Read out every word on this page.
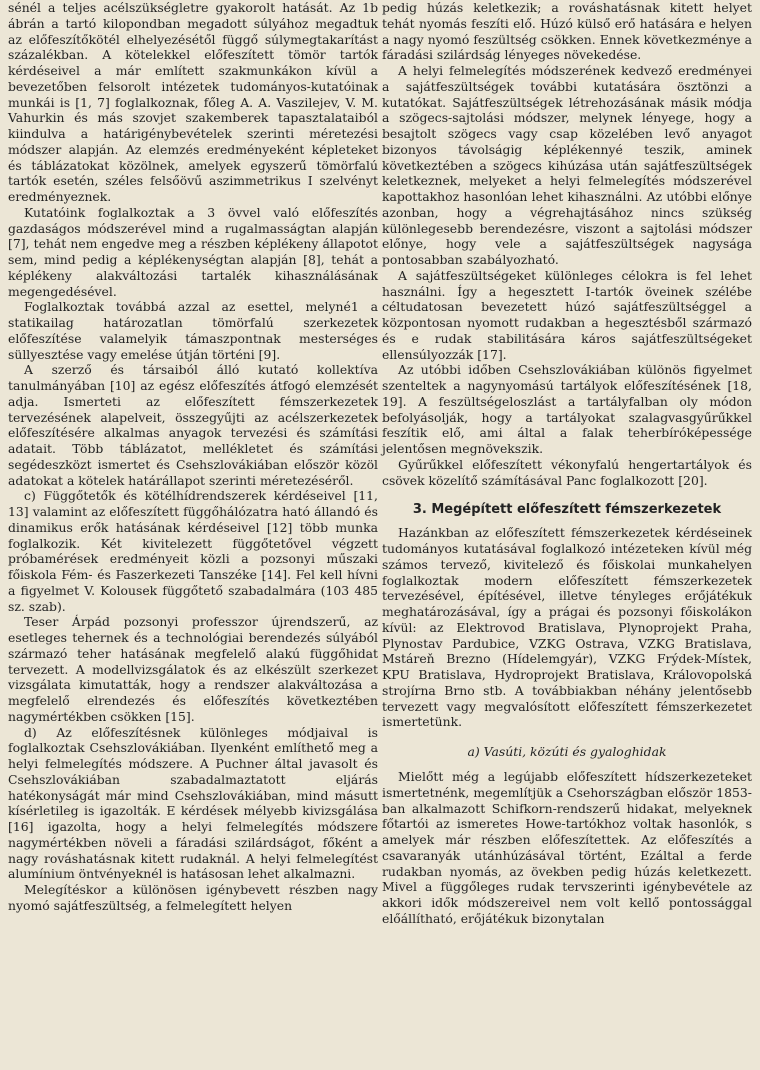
sénél a teljes acélszükségletre gyakorolt hatását. Az 1b ábrán a tartó kilopondban megadott súlyához megadtuk az előfeszítőkötél elhelyezésétől függő súlymegtakarítást százalékban. A kötelekkel előfeszített tömör tartók kérdéseivel a már említett szakmunkákon kívül a bevezetőben felsorolt intézetek tudományos-kutatóinak munkái is [1, 7] foglalkoznak, főleg A. A. Vaszilejev, V. M. Vahurkin és más szovjet szakemberek tapasztalataiból kiindulva a határigénybevételek szerinti méretezési módszer alapján. Az elemzés eredményeként képleteket és táblázatokat közölnek, amelyek egyszerű tömörfalú tartók esetén, széles felsőövű aszimmetrikus I szelvényt eredményeznek.

Kutatóink foglalkoztak a 3 övvel való előfeszítés gazdaságos módszerével mind a rugalmasságtan alapján [7], tehát nem engedve meg a részben képlékeny állapotot sem, mind pedig a képlékenységtan alapján [8], tehát a képlékeny alakváltozási tartalék kihasználásának megengedésével.

Foglalkoztak továbbá azzal az esettel, melyné1 a statikailag határozatlan tömörfalú szerkezetek előfeszítése valamelyik támaszpontnak mesterséges süllyesztése vagy emelése útján történi [9].

A szerző és társaiból álló kutató kollektíva tanulmányában [10] az egész előfeszítés átfogó elemzését adja. Ismerteti az előfeszített fémszerkezetek tervezésének alapelveit, összegyűjti az acélszerkezetek előfeszítésére alkalmas anyagok tervezési és számítási adatait. Több táblázatot, mellékletet és számítási segédeszközt ismertet és Csehszlovákiában először közöl adatokat a kötelek határállapot szerinti méretezéséről.

c) Függőtetők és kötélhídrendszerek kérdéseivel [11, 13] valamint az előfeszített függőhálózatra ható állandó és dinamikus erők hatásának kérdéseivel [12] több munka foglalkozik. Két kivitelezett függőtetővel végzett próbamérések eredményeit közli a pozsonyi műszaki főiskola Fém- és Faszerkezeti Tanszéke [14]. Fel kell hívni a figyelmet V. Kolousek függőtető szabadalmára (103 485 sz. szab).

Teser Árpád pozsonyi professzor újrendszerű, az esetleges tehernek és a technológiai berendezés súlyából származó teher hatásának megfelelő alakú függőhidat tervezett. A modellvizsgálatok és az elkészült szerkezet vizsgálata kimutatták, hogy a rendszer alakváltozása a megfelelő elrendezés és előfeszítés következtében nagymértékben csökken [15].

d) Az előfeszítésnek különleges módjaival is foglalkoztak Csehszlovákiában. Ilyenként említhető meg a helyi felmelegítés módszere. A Puchner által javasolt és Csehszlovákiában szabadalmaztatott eljárás hatékonyságát már mind Csehszlovákiában, mind másutt kísérletileg is igazolták. E kérdések mélyebb kivizsgálása [16] igazolta, hogy a helyi felmelegítés módszere nagymértékben növeli a fáradási szilárdságot, főként a nagy rováshatásnak kitett rudaknál. A helyi felmelegítést alumínium öntvényeknél is hatásosan lehet alkalmazni.

Melegítéskor a különösen igénybevett részben nagy nyomó sajátfeszültség, a felmelegített helyen

pedig húzás keletkezik; a rováshatásnak kitett helyet tehát nyomás feszíti elő. Húzó külső erő hatására e helyen a nagy nyomó feszültség csökken. Ennek következménye a fáradási szilárdság lényeges növekedése.

A helyi felmelegítés módszerének kedvező eredményei a sajátfeszültségek további kutatására ösztönzi a kutatókat. Sajátfeszültségek létrehozásának másik módja a szögecs-sajtolási módszer, melynek lényege, hogy a besajtolt szögecs vagy csap közelében levő anyagot bizonyos távolságig képlékennyé teszik, aminek következtében a szögecs kihúzása után sajátfeszültségek keletkeznek, melyeket a helyi felmelegítés módszerével kapottakhoz hasonlóan lehet kihasználni. Az utóbbi előnye azonban, hogy a végrehajtásához nincs szükség különlegesebb berendezésre, viszont a sajtolási módszer előnye, hogy vele a sajátfeszültségek nagysága pontosabban szabályozható.

A sajátfeszültségeket különleges célokra is fel lehet használni. Így a hegesztett I-tartók öveinek szélébe céltudatosan bevezetett húzó sajátfeszültséggel a központosan nyomott rudakban a hegesztésből származó és e rudak stabilitására káros sajátfeszültségeket ellensúlyozzák [17].

Az utóbbi időben Csehszlovákiában különös figyelmet szenteltek a nagynyomású tartályok előfeszítésének [18, 19]. A feszültségeloszlást a tartályfalban oly módon befolyásolják, hogy a tartályokat szalagvasgyűrűkkel feszítik elő, ami által a falak teherbíróképessége jelentősen megnövekszik.

Gyűrűkkel előfeszített vékonyfalú hengertartályok és csövek közelítő számításával Panc foglalkozott [20].

3. Megépített előfeszített fémszerkezetek

Hazánkban az előfeszített fémszerkezetek kérdéseinek tudományos kutatásával foglalkozó intézeteken kívül még számos tervező, kivitelező és főiskolai munkahelyen foglalkoztak modern előfeszített fémszerkezetek tervezésével, építésével, illetve tényleges erőjátékuk meghatározásával, így a prágai és pozsonyi főiskolákon kívül: az Elektrovod Bratislava, Plynoprojekt Praha, Plynostav Pardubice, VZKG Ostrava, VZKG Bratislava, Mstáreň Brezno (Hídelemgyár), VZKG Frýdek-Místek, KPU Bratislava, Hydroprojekt Bratislava, Královopolská strojírna Brno stb. A továbbiakban néhány jelentősebb tervezett vagy megvalósított előfeszített fémszerkezetet ismertetünk.

a) Vasúti, közúti és gyaloghidak

Mielőtt még a legújabb előfeszített hídszerkezeteket ismertetnénk, megemlítjük a Csehországban először 1853-ban alkalmazott Schifkorn-rendszerű hidakat, melyeknek főtartói az ismeretes Howe-tartókhoz voltak hasonlók, s amelyek már részben előfeszítettek. Az előfeszítés a csavaranyák utánhúzásával történt, Ezáltal a ferde rudakban nyomás, az övekben pedig húzás keletkezett. Mivel a függőleges rudak tervszerinti igénybevétele az akkori idők módszereivel nem volt kellő pontossággal előállítható, erőjátékuk bizonytalan
